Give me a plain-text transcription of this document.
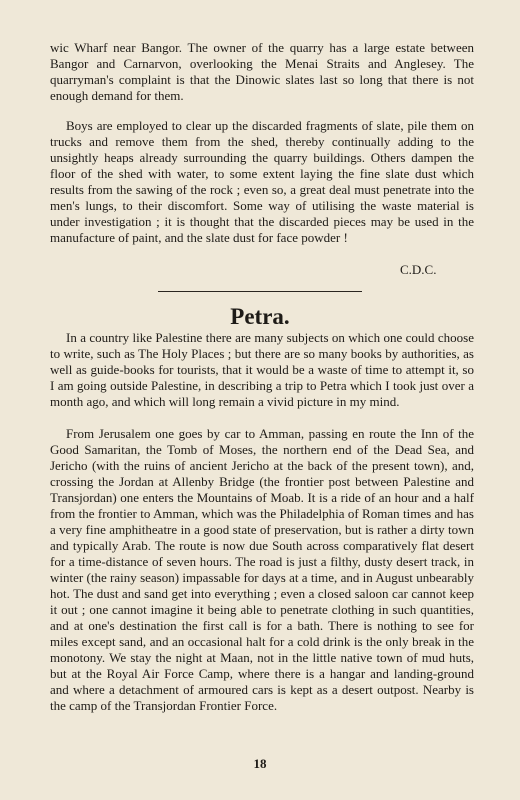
wic Wharf near Bangor. The owner of the quarry has a large estate between Bangor and Carnarvon, overlooking the Menai Straits and Anglesey. The quarryman's complaint is that the Dinowic slates last so long that there is not enough demand for them.

Boys are employed to clear up the discarded fragments of slate, pile them on trucks and remove them from the shed, thereby continually adding to the unsightly heaps already surrounding the quarry buildings. Others dampen the floor of the shed with water, to some extent laying the fine slate dust which results from the sawing of the rock ; even so, a great deal must penetrate into the men's lungs, to their discomfort. Some way of utilising the waste material is under investigation ; it is thought that the discarded pieces may be used in the manufacture of paint, and the slate dust for face powder !

C.D.C.
Petra.

In a country like Palestine there are many subjects on which one could choose to write, such as The Holy Places ; but there are so many books by authorities, as well as guide-books for tourists, that it would be a waste of time to attempt it, so I am going outside Palestine, in describing a trip to Petra which I took just over a month ago, and which will long remain a vivid picture in my mind.

From Jerusalem one goes by car to Amman, passing en route the Inn of the Good Samaritan, the Tomb of Moses, the northern end of the Dead Sea, and Jericho (with the ruins of ancient Jericho at the back of the present town), and, crossing the Jordan at Allenby Bridge (the frontier post between Palestine and Transjordan) one enters the Mountains of Moab. It is a ride of an hour and a half from the frontier to Amman, which was the Philadelphia of Roman times and has a very fine amphitheatre in a good state of preservation, but is rather a dirty town and typically Arab. The route is now due South across comparatively flat desert for a time-distance of seven hours. The road is just a filthy, dusty desert track, in winter (the rainy season) impassable for days at a time, and in August unbearably hot. The dust and sand get into everything ; even a closed saloon car cannot keep it out ; one cannot imagine it being able to penetrate clothing in such quantities, and at one's destination the first call is for a bath. There is nothing to see for miles except sand, and an occasional halt for a cold drink is the only break in the monotony. We stay the night at Maan, not in the little native town of mud huts, but at the Royal Air Force Camp, where there is a hangar and landing-ground and where a detachment of armoured cars is kept as a desert outpost. Nearby is the camp of the Transjordan Frontier Force.

18
